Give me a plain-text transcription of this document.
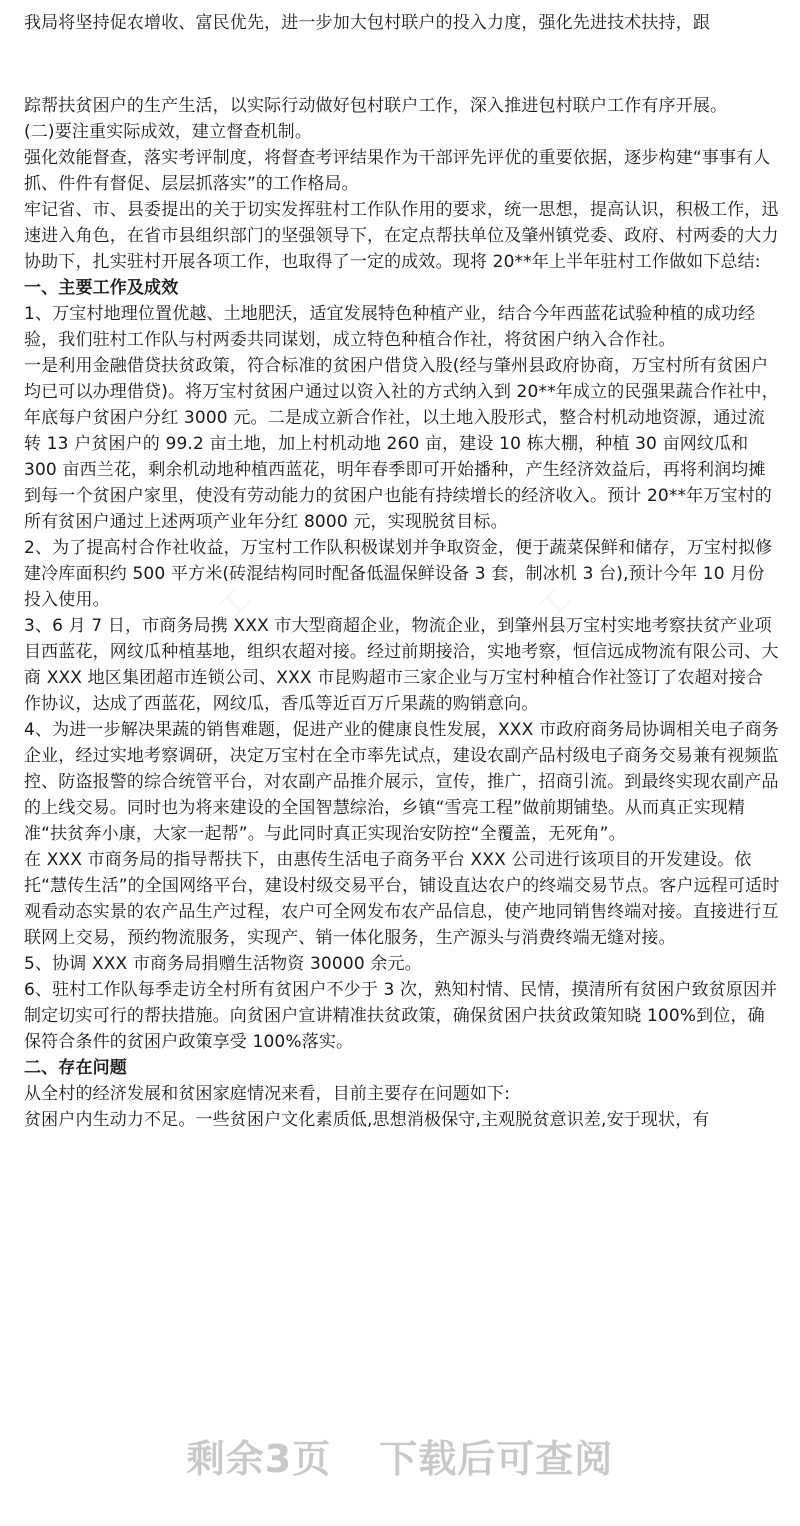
我局将坚持促农增收、富民优先，进一步加大包村联户的投入力度，强化先进技术扶持，跟

踪帮扶贫困户的生产生活，以实际行动做好包村联户工作，深入推进包村联户工作有序开展。

(二)要注重实际成效，建立督查机制。

强化效能督查，落实考评制度，将督查考评结果作为干部评先评优的重要依据，逐步构建“事事有人抓、件件有督促、层层抓落实”的工作格局。

牢记省、市、县委提出的关于切实发挥驻村工作队作用的要求，统一思想，提高认识，积极工作，迅速进入角色，在省市县组织部门的坚强领导下，在定点帮扶单位及肇州镇党委、政府、村两委的大力协助下，扎实驻村开展各项工作，也取得了一定的成效。现将 20**年上半年驻村工作做如下总结:

一、主要工作及成效

1、万宝村地理位置优越、土地肥沃，适宜发展特色种植产业，结合今年西蓝花试验种植的成功经验，我们驻村工作队与村两委共同谋划，成立特色种植合作社，将贫困户纳入合作社。

一是利用金融借贷扶贫政策，符合标准的贫困户借贷入股(经与肇州县政府协商，万宝村所有贫困户均已可以办理借贷)。将万宝村贫困户通过以资入社的方式纳入到 20**年成立的民强果蔬合作社中，年底每户贫困户分红 3000 元。二是成立新合作社，以土地入股形式，整合村机动地资源，通过流转 13 户贫困户的 99.2 亩土地，加上村机动地 260 亩，建设 10 栋大棚，种植 30 亩网纹瓜和 300 亩西兰花，剩余机动地种植西蓝花，明年春季即可开始播种，产生经济效益后，再将利润均摊到每一个贫困户家里，使没有劳动能力的贫困户也能有持续增长的经济收入。预计 20**年万宝村的所有贫困户通过上述两项产业年分红 8000 元，实现脱贫目标。

2、为了提高村合作社收益，万宝村工作队积极谋划并争取资金，便于蔬菜保鲜和储存，万宝村拟修建冷库面积约 500 平方米(砖混结构同时配备低温保鲜设备 3 套，制冰机 3 台),预计今年 10 月份投入使用。

3、6 月 7 日，市商务局携 XXX 市大型商超企业，物流企业，到肇州县万宝村实地考察扶贫产业项目西蓝花，网纹瓜种植基地，组织农超对接。经过前期接洽，实地考察，恒信远成物流有限公司、大商 XXX 地区集团超市连锁公司、XXX 市昆购超市三家企业与万宝村种植合作社签订了农超对接合作协议，达成了西蓝花，网纹瓜，香瓜等近百万斤果蔬的购销意向。

4、为进一步解决果蔬的销售难题，促进产业的健康良性发展，XXX 市政府商务局协调相关电子商务企业，经过实地考察调研，决定万宝村在全市率先试点，建设农副产品村级电子商务交易兼有视频监控、防盗报警的综合统管平台，对农副产品推介展示，宣传，推广，招商引流。到最终实现农副产品的上线交易。同时也为将来建设的全国智慧综治，乡镇“雪亮工程”做前期铺垫。从而真正实现精准“扶贫奔小康，大家一起帮”。与此同时真正实现治安防控“全覆盖，无死角”。

在 XXX 市商务局的指导帮扶下，由惠传生活电子商务平台 XXX 公司进行该项目的开发建设。依托“慧传生活”的全国网络平台，建设村级交易平台，铺设直达农户的终端交易节点。客户远程可适时观看动态实景的农产品生产过程，农户可全网发布农产品信息，使产地同销售终端对接。直接进行互联网上交易，预约物流服务，实现产、销一体化服务，生产源头与消费终端无缝对接。

5、协调 XXX 市商务局捐赠生活物资 30000 余元。

6、驻村工作队每季走访全村所有贫困户不少于 3 次，熟知村情、民情，摸清所有贫困户致贫原因并制定切实可行的帮扶措施。向贫困户宣讲精准扶贫政策，确保贫困户扶贫政策知晓 100%到位，确保符合条件的贫困户政策享受 100%落实。

二、存在问题

从全村的经济发展和贫困家庭情况来看，目前主要存在问题如下:

贫困户内生动力不足。一些贫困户文化素质低,思想消极保守,主观脱贫意识差,安于现状，有

剩余3页 下载后可查阅
